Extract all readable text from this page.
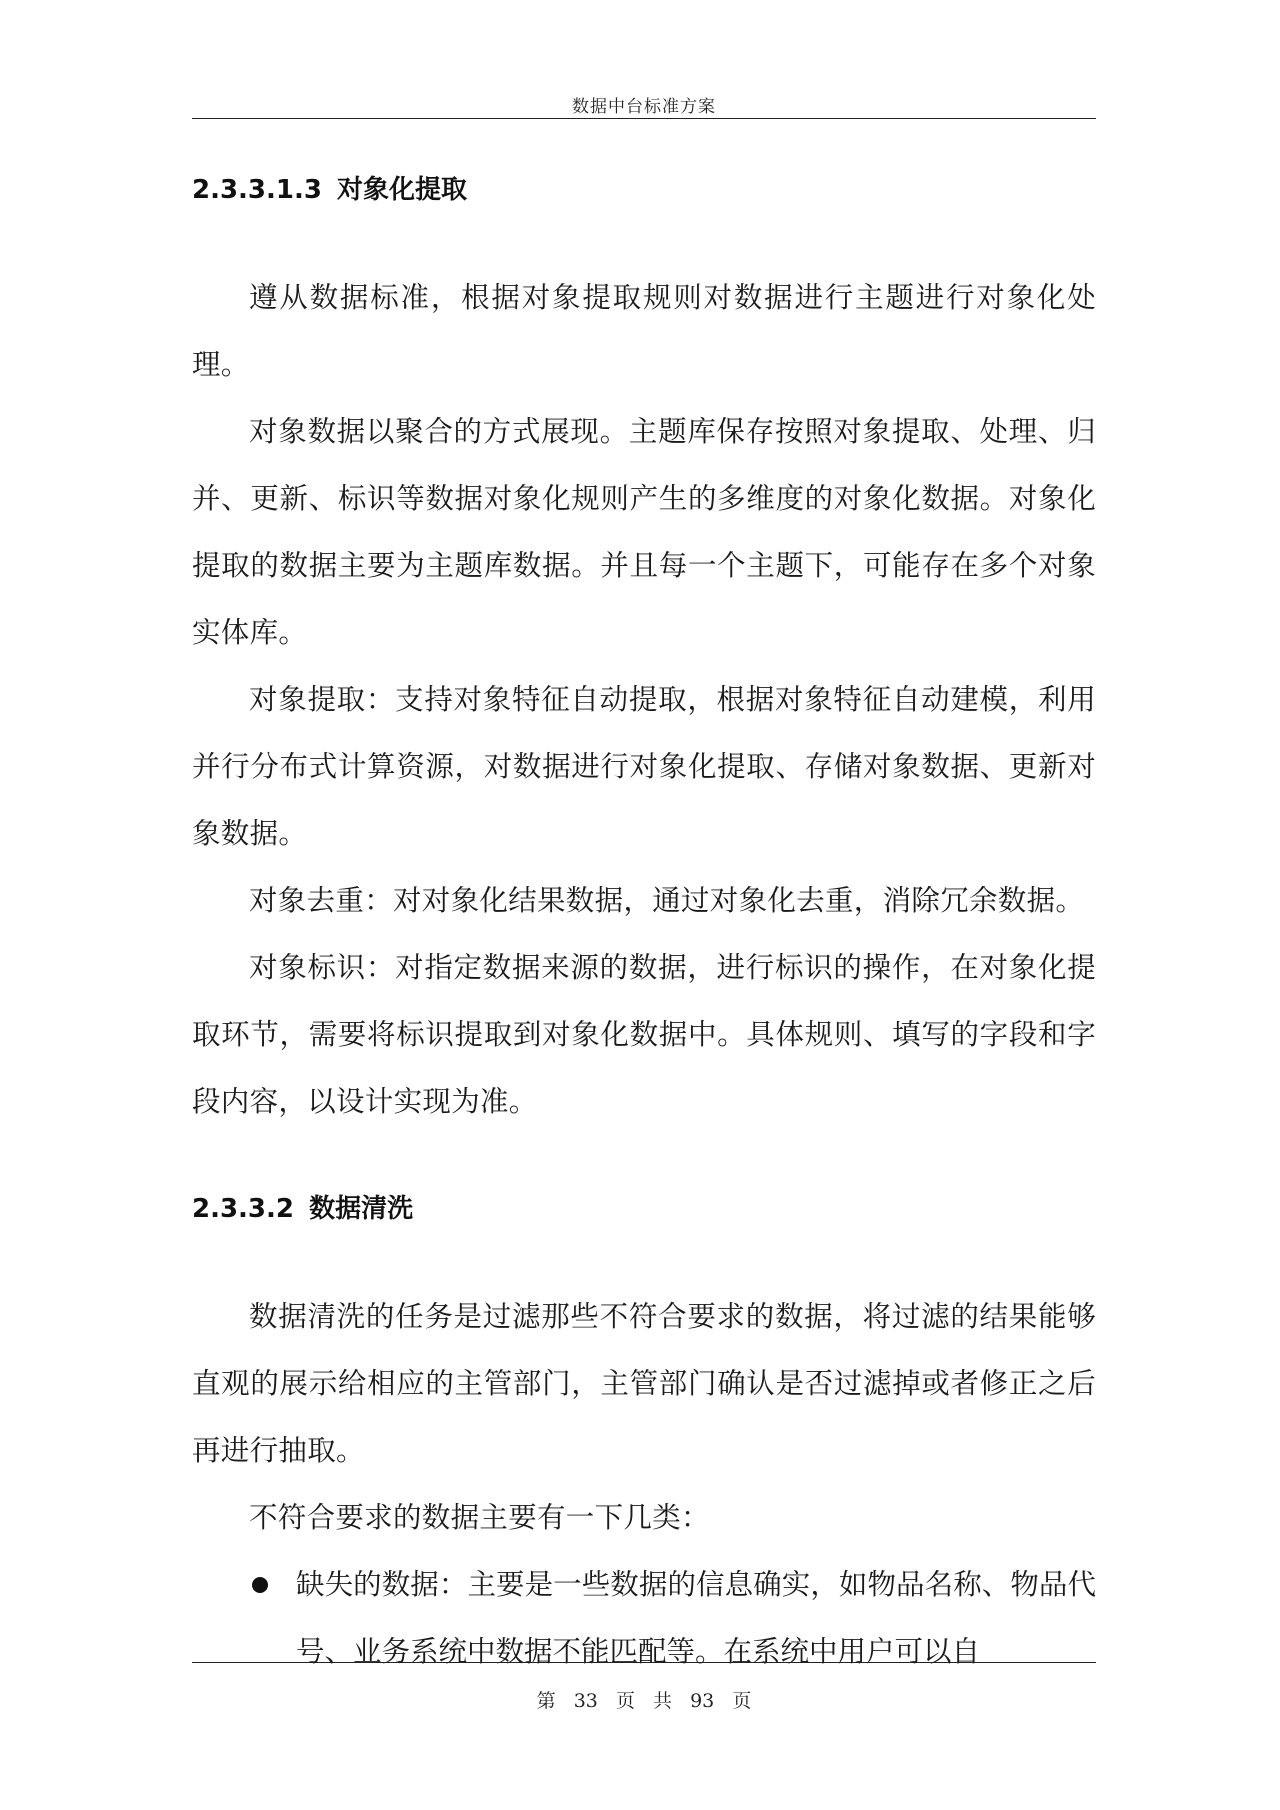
数据中台标准方案
2.3.3.1.3 对象化提取

遵从数据标准，根据对象提取规则对数据进行主题进行对象化处理。

对象数据以聚合的方式展现。主题库保存按照对象提取、处理、归并、更新、标识等数据对象化规则产生的多维度的对象化数据。对象化提取的数据主要为主题库数据。并且每一个主题下，可能存在多个对象实体库。

对象提取：支持对象特征自动提取，根据对象特征自动建模，利用并行分布式计算资源，对数据进行对象化提取、存储对象数据、更新对象数据。

对象去重：对对象化结果数据，通过对象化去重，消除冗余数据。

对象标识：对指定数据来源的数据，进行标识的操作，在对象化提取环节，需要将标识提取到对象化数据中。具体规则、填写的字段和字段内容，以设计实现为准。

2.3.3.2 数据清洗

数据清洗的任务是过滤那些不符合要求的数据，将过滤的结果能够直观的展示给相应的主管部门，主管部门确认是否过滤掉或者修正之后再进行抽取。

不符合要求的数据主要有一下几类：

缺失的数据：主要是一些数据的信息确实，如物品名称、物品代号、业务系统中数据不能匹配等。在系统中用户可以自
第 33 页 共 93 页
